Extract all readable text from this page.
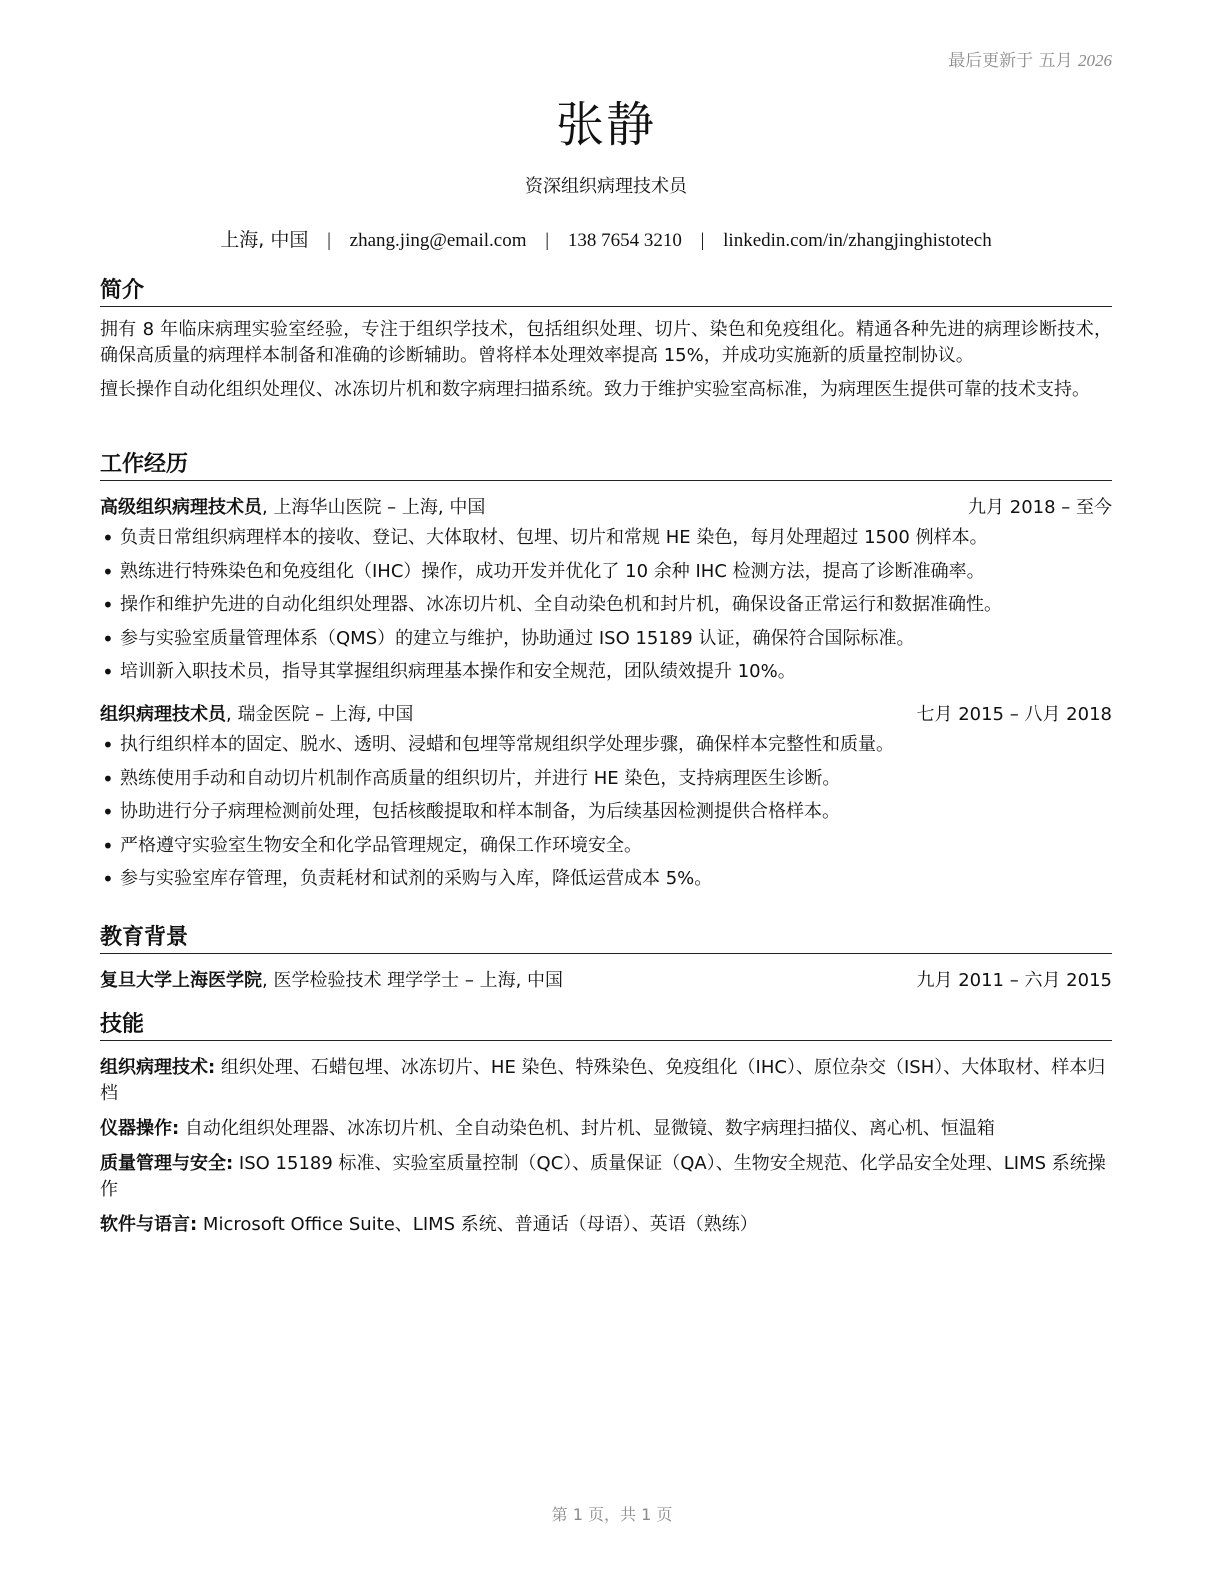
最后更新于 五月 2026
张静
资深组织病理技术员
上海, 中国 | zhang.jing@email.com | 138 7654 3210 | linkedin.com/in/zhangjinghistotech
简介
拥有 8 年临床病理实验室经验，专注于组织学技术，包括组织处理、切片、染色和免疫组化。精通各种先进的病理诊断技术，确保高质量的病理样本制备和准确的诊断辅助。曾将样本处理效率提高 15%，并成功实施新的质量控制协议。
擅长操作自动化组织处理仪、冰冻切片机和数字病理扫描系统。致力于维护实验室高标准，为病理医生提供可靠的技术支持。
工作经历
高级组织病理技术员, 上海华山医院 – 上海, 中国	九月 2018 – 至今
• 负责日常组织病理样本的接收、登记、大体取材、包埋、切片和常规 HE 染色，每月处理超过 1500 例样本。
• 熟练进行特殊染色和免疫组化（IHC）操作，成功开发并优化了 10 余种 IHC 检测方法，提高了诊断准确率。
• 操作和维护先进的自动化组织处理器、冰冻切片机、全自动染色机和封片机，确保设备正常运行和数据准确性。
• 参与实验室质量管理体系（QMS）的建立与维护，协助通过 ISO 15189 认证，确保符合国际标准。
• 培训新入职技术员，指导其掌握组织病理基本操作和安全规范，团队绩效提升 10%。
组织病理技术员, 瑞金医院 – 上海, 中国	七月 2015 – 八月 2018
• 执行组织样本的固定、脱水、透明、浸蜡和包埋等常规组织学处理步骤，确保样本完整性和质量。
• 熟练使用手动和自动切片机制作高质量的组织切片，并进行 HE 染色，支持病理医生诊断。
• 协助进行分子病理检测前处理，包括核酸提取和样本制备，为后续基因检测提供合格样本。
• 严格遵守实验室生物安全和化学品管理规定，确保工作环境安全。
• 参与实验室库存管理，负责耗材和试剂的采购与入库，降低运营成本 5%。
教育背景
复旦大学上海医学院, 医学检验技术 理学学士 – 上海, 中国	九月 2011 – 六月 2015
技能
组织病理技术: 组织处理、石蜡包埋、冰冻切片、HE 染色、特殊染色、免疫组化（IHC）、原位杂交（ISH）、大体取材、样本归档
仪器操作: 自动化组织处理器、冰冻切片机、全自动染色机、封片机、显微镜、数字病理扫描仪、离心机、恒温箱
质量管理与安全: ISO 15189 标准、实验室质量控制（QC）、质量保证（QA）、生物安全规范、化学品安全处理、LIMS 系统操作
软件与语言: Microsoft Office Suite、LIMS 系统、普通话（母语）、英语（熟练）
第 1 页，共 1 页
